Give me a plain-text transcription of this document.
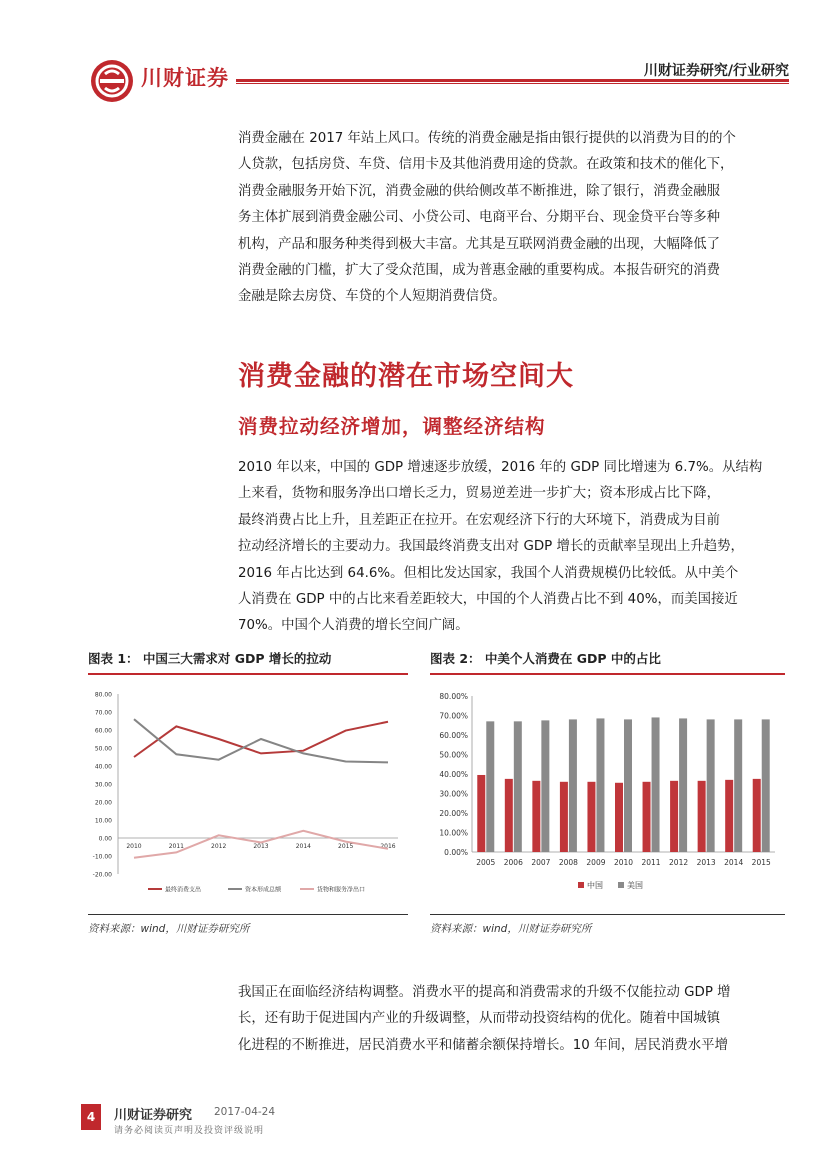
川财证券	川财证券研究/行业研究
消费金融在 2017 年站上风口。传统的消费金融是指由银行提供的以消费为目的的个
人贷款，包括房贷、车贷、信用卡及其他消费用途的贷款。在政策和技术的催化下，
消费金融服务开始下沉，消费金融的供给侧改革不断推进，除了银行，消费金融服
务主体扩展到消费金融公司、小贷公司、电商平台、分期平台、现金贷平台等多种
机构，产品和服务种类得到极大丰富。尤其是互联网消费金融的出现，大幅降低了
消费金融的门槛，扩大了受众范围，成为普惠金融的重要构成。本报告研究的消费
金融是除去房贷、车贷的个人短期消费信贷。
消费金融的潜在市场空间大
消费拉动经济增加，调整经济结构
2010 年以来，中国的 GDP 增速逐步放缓，2016 年的 GDP 同比增速为 6.7%。从结构
上来看，货物和服务净出口增长乏力，贸易逆差进一步扩大；资本形成占比下降，
最终消费占比上升，且差距正在拉开。在宏观经济下行的大环境下，消费成为目前
拉动经济增长的主要动力。我国最终消费支出对 GDP 增长的贡献率呈现出上升趋势，
2016 年占比达到 64.6%。但相比发达国家，我国个人消费规模仍比较低。从中美个
人消费在 GDP 中的占比来看差距较大，中国的个人消费占比不到 40%，而美国接近
70%。中国个人消费的增长空间广阔。
图表 1： 中国三大需求对 GDP 增长的拉动
80.00
70.00
60.00
50.00
40.00
30.00
20.00
10.00
0.00
-10.00
-20.00
2010	2011	2012	2013	2014	2015	2016
最终消费支出	资本形成总额	货物和服务净出口
资料来源：wind，川财证券研究所
图表 2： 中美个人消费在 GDP 中的占比
80.00%
70.00%
60.00%
50.00%
40.00%
30.00%
20.00%
10.00%
0.00%
2005 2006 2007 2008 2009 2010 2011 2012 2013 2014 2015
中国	美国
资料来源：wind，川财证券研究所
我国正在面临经济结构调整。消费水平的提高和消费需求的升级不仅能拉动 GDP 增
长，还有助于促进国内产业的升级调整，从而带动投资结构的优化。随着中国城镇
化进程的不断推进，居民消费水平和储蓄余额保持增长。10 年间，居民消费水平增
4	川财证券研究 2017-04-24
请务必阅读页声明及投资评级说明
